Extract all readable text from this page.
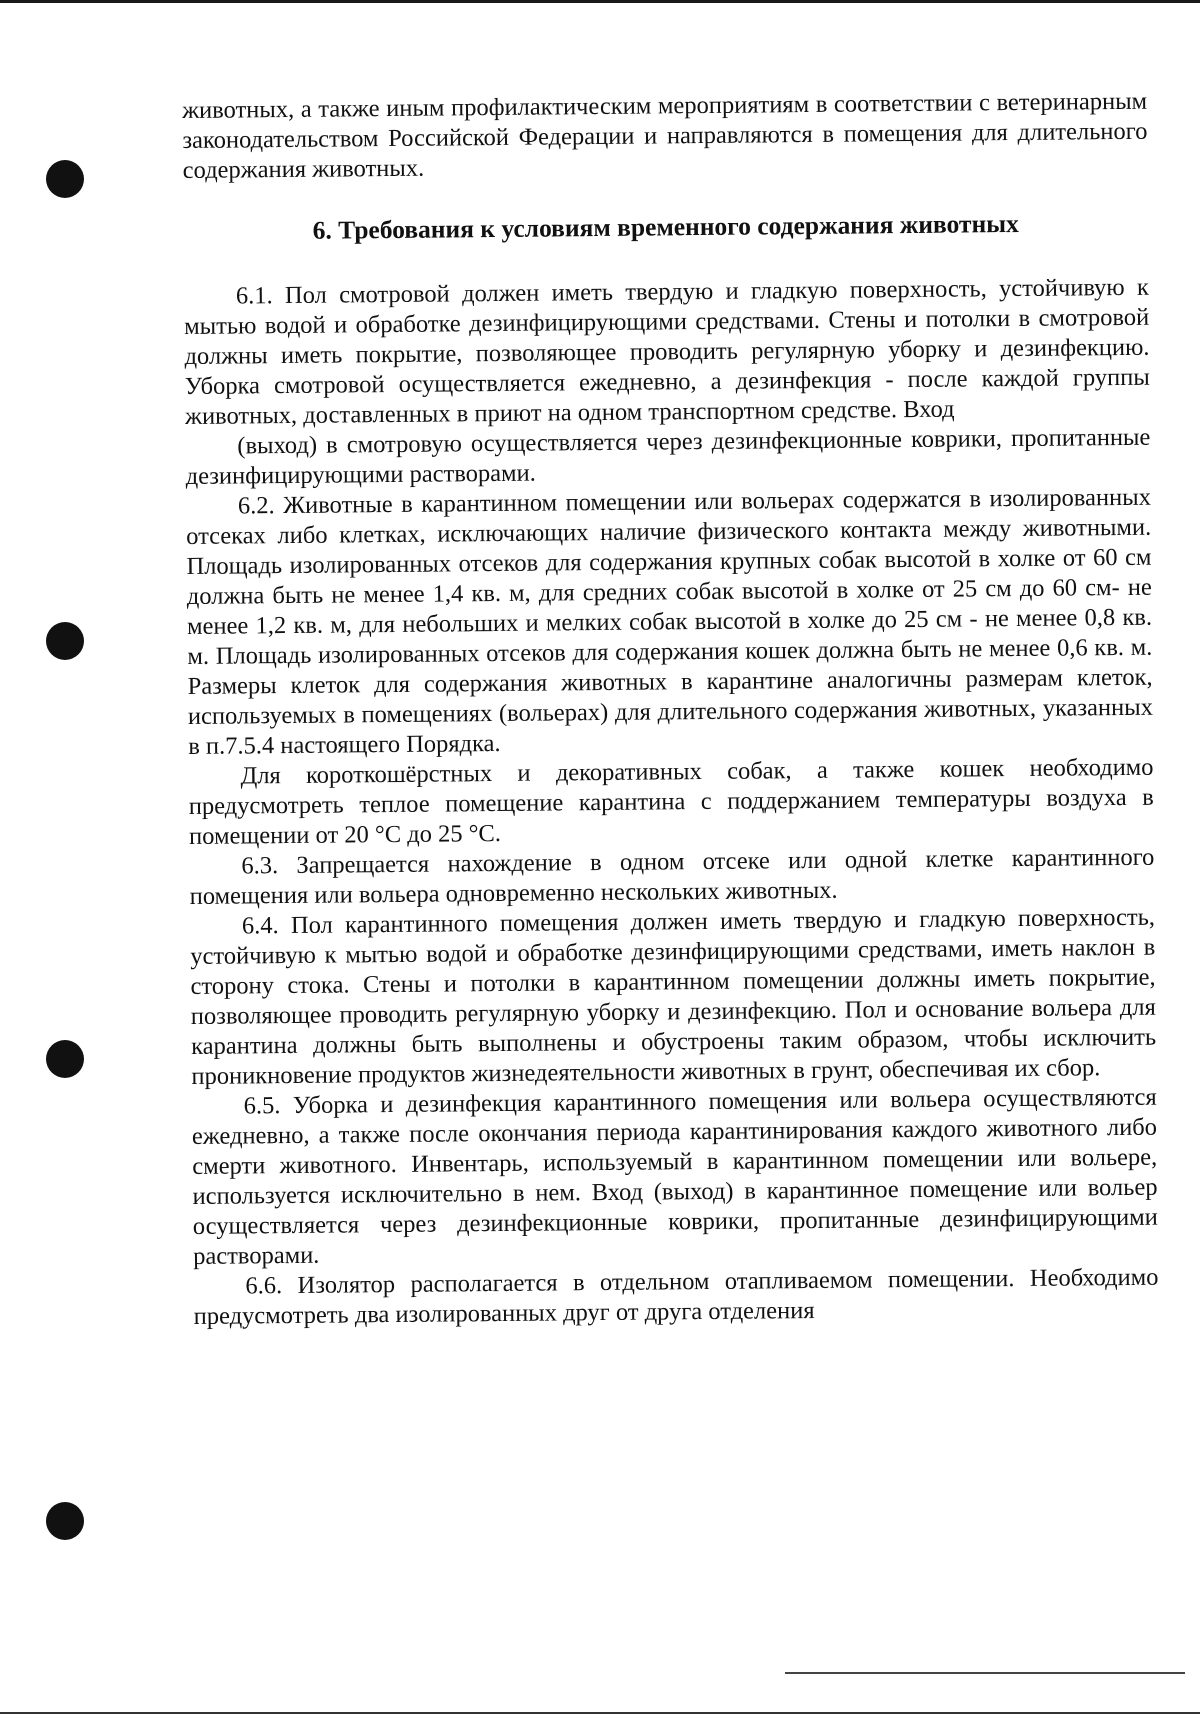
животных, а также иным профилактическим мероприятиям в соответствии с ветеринарным законодательством Российской Федерации и направляются в помещения для длительного содержания животных.

6. Требования к условиям временного содержания животных

6.1. Пол смотровой должен иметь твердую и гладкую поверхность, устойчивую к мытью водой и обработке дезинфицирующими средствами. Стены и потолки в смотровой должны иметь покрытие, позволяющее проводить регулярную уборку и дезинфекцию. Уборка смотровой осуществляется ежедневно, а дезинфекция - после каждой группы животных, доставленных в приют на одном транспортном средстве. Вход

(выход) в смотровую осуществляется через дезинфекционные коврики, пропитанные дезинфицирующими растворами.

6.2. Животные в карантинном помещении или вольерах содержатся в изолированных отсеках либо клетках, исключающих наличие физического контакта между животными. Площадь изолированных отсеков для содержания крупных собак высотой в холке от 60 см должна быть не менее 1,4 кв. м, для средних собак высотой в холке от 25 см до 60 см- не менее 1,2 кв. м, для небольших и мелких собак высотой в холке до 25 см - не менее 0,8 кв. м. Площадь изолированных отсеков для содержания кошек должна быть не менее 0,6 кв. м. Размеры клеток для содержания животных в карантине аналогичны размерам клеток, используемых в помещениях (вольерах) для длительного содержания животных, указанных в п.7.5.4 настоящего Порядка.

Для короткошёрстных и декоративных собак, а также кошек необходимо предусмотреть теплое помещение карантина с поддержанием температуры воздуха в помещении от 20 °С до 25 °С.

6.3. Запрещается нахождение в одном отсеке или одной клетке карантинного помещения или вольера одновременно нескольких животных.

6.4. Пол карантинного помещения должен иметь твердую и гладкую поверхность, устойчивую к мытью водой и обработке дезинфицирующими средствами, иметь наклон в сторону стока. Стены и потолки в карантинном помещении должны иметь покрытие, позволяющее проводить регулярную уборку и дезинфекцию. Пол и основание вольера для карантина должны быть выполнены и обустроены таким образом, чтобы исключить проникновение продуктов жизнедеятельности животных в грунт, обеспечивая их сбор.

6.5. Уборка и дезинфекция карантинного помещения или вольера осуществляются ежедневно, а также после окончания периода карантинирования каждого животного либо смерти животного. Инвентарь, используемый в карантинном помещении или вольере, используется исключительно в нем. Вход (выход) в карантинное помещение или вольер осуществляется через дезинфекционные коврики, пропитанные дезинфицирующими растворами.

6.6. Изолятор располагается в отдельном отапливаемом помещении. Необходимо предусмотреть два изолированных друг от друга отделения
